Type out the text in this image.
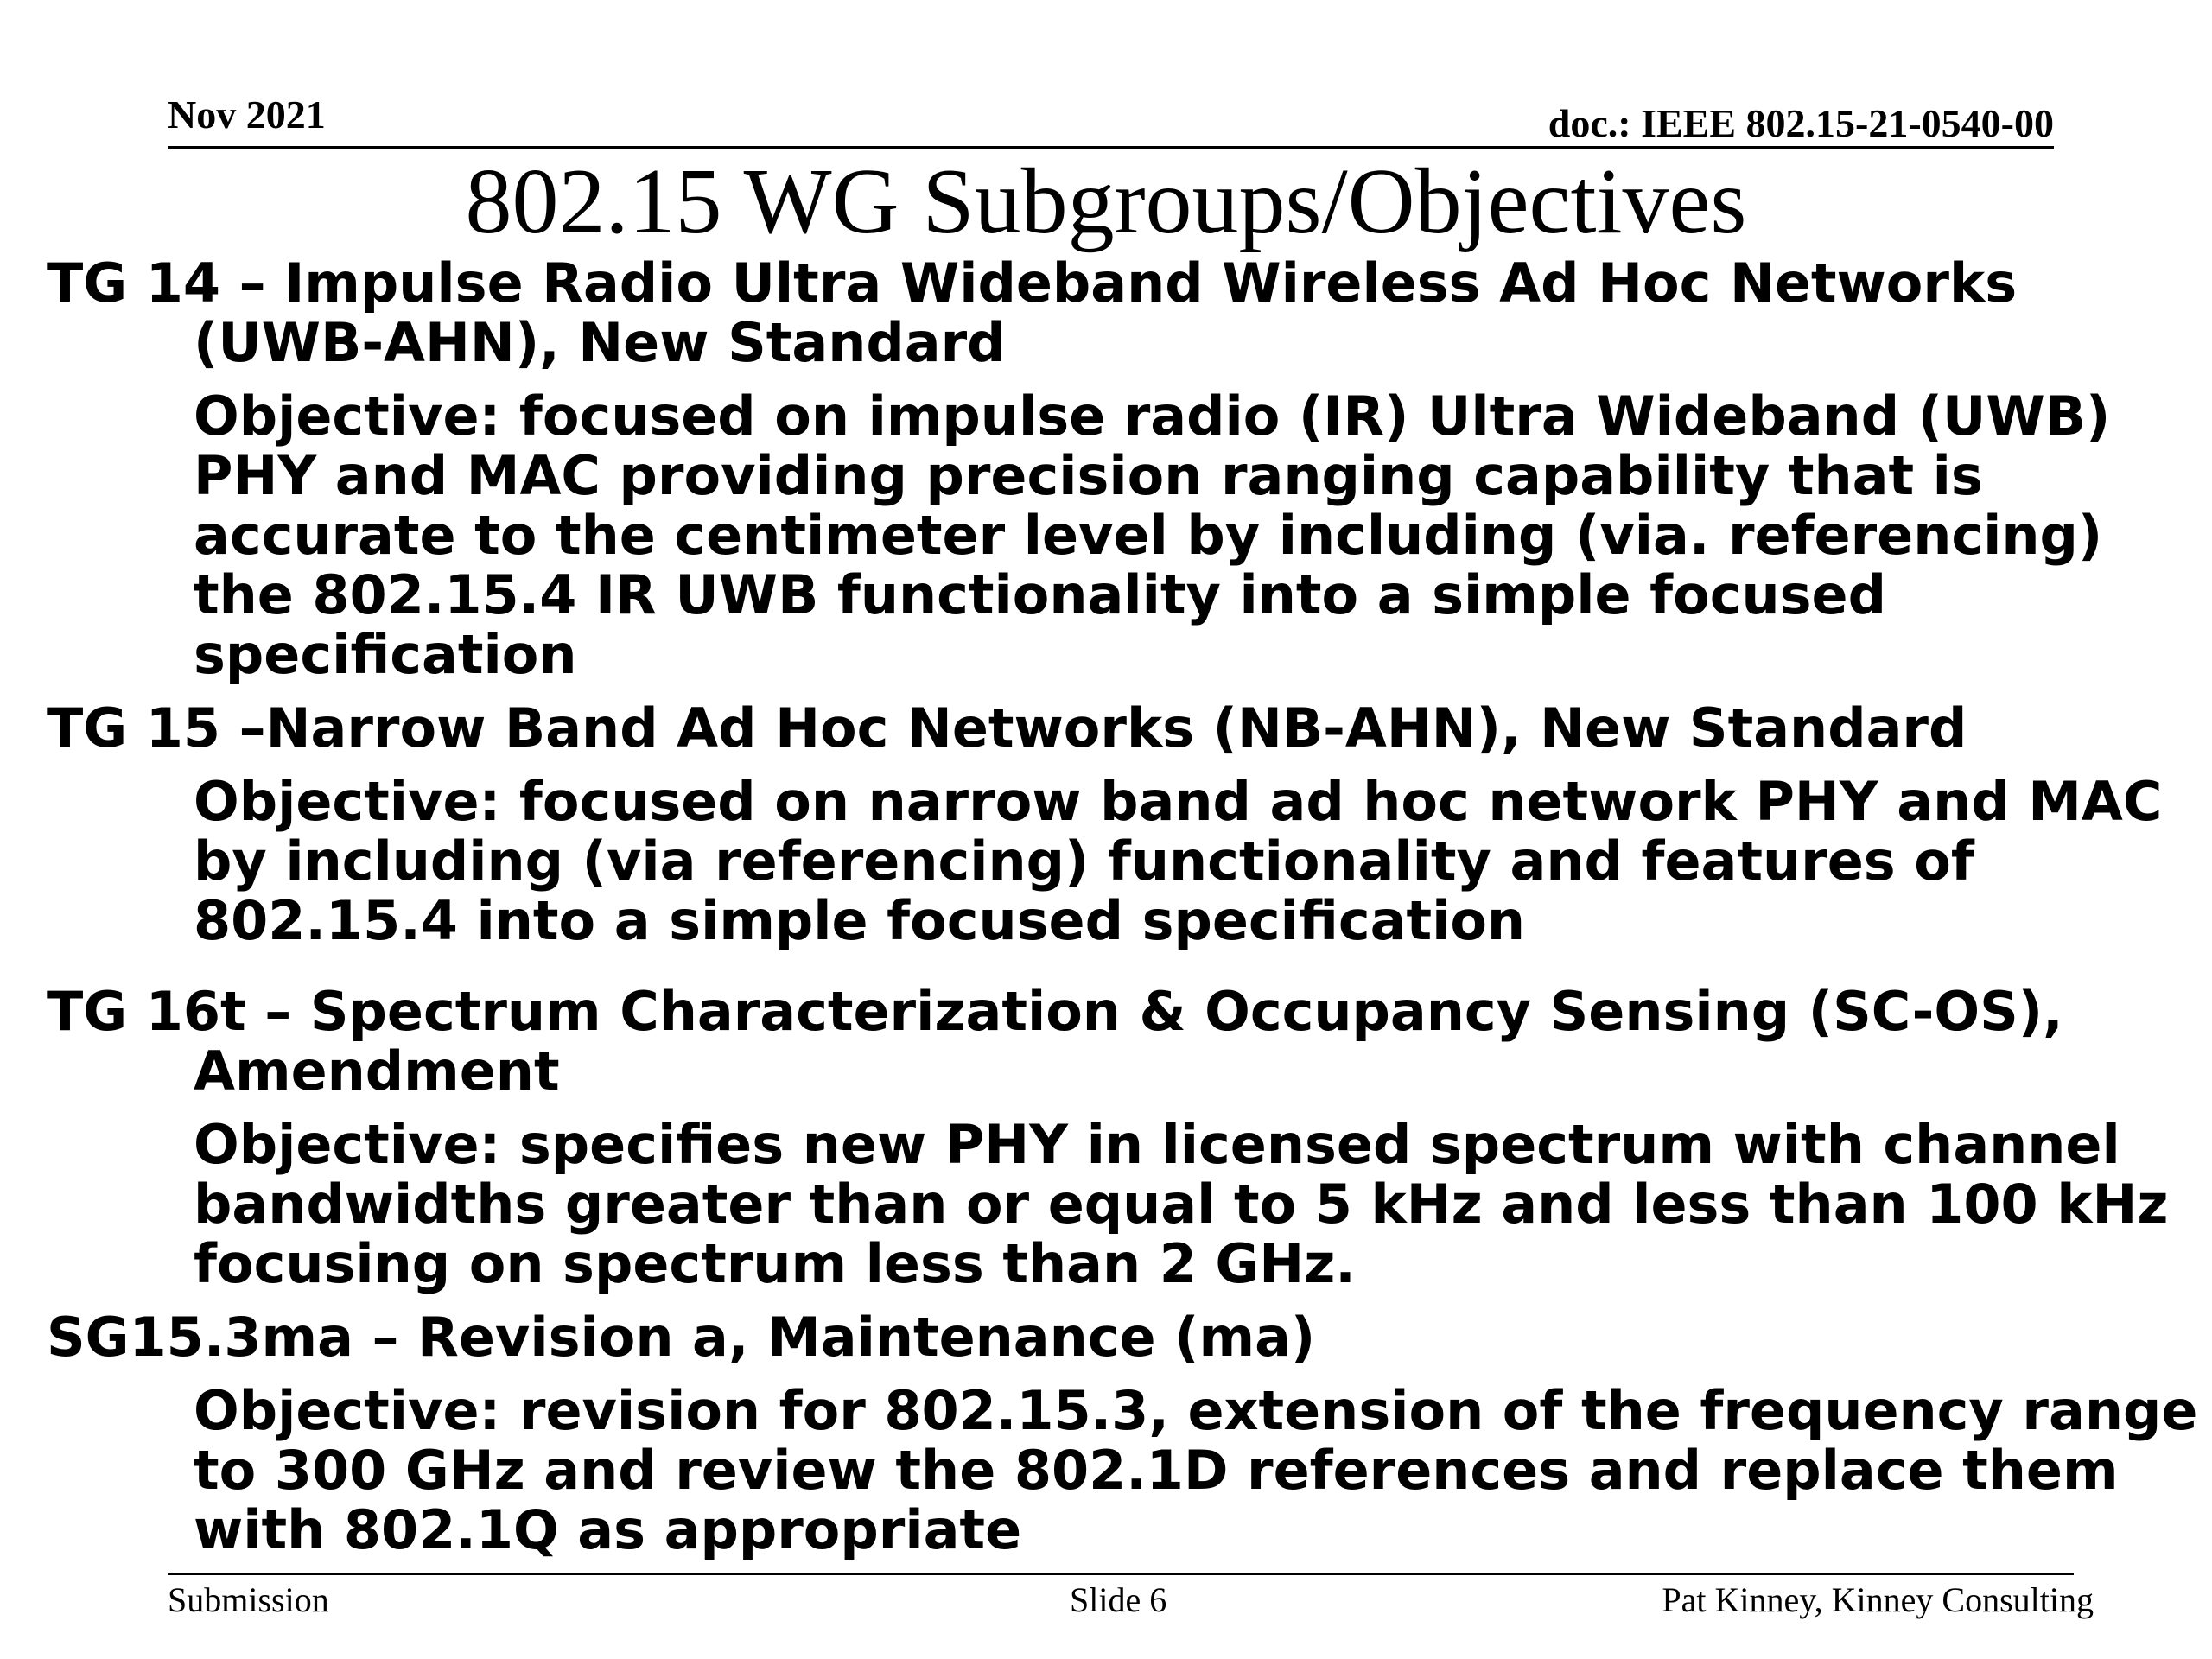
Nov 2021	doc.: IEEE 802.15-21-0540-00
802.15 WG Subgroups/Objectives

TG 14 – Impulse Radio Ultra Wideband Wireless Ad Hoc Networks (UWB-AHN), New Standard

Objective: focused on impulse radio (IR) Ultra Wideband (UWB) PHY and MAC providing precision ranging capability that is accurate to the centimeter level by including (via. referencing) the 802.15.4 IR UWB functionality into a simple focused specification

TG 15 –Narrow Band Ad Hoc Networks (NB-AHN), New Standard

Objective: focused on narrow band ad hoc network PHY and MAC by including (via referencing) functionality and features of 802.15.4 into a simple focused specification

TG 16t – Spectrum Characterization & Occupancy Sensing (SC-OS), Amendment

Objective: specifies new PHY in licensed spectrum with channel bandwidths greater than or equal to 5 kHz and less than 100 kHz focusing on spectrum less than 2 GHz.

SG15.3ma – Revision a, Maintenance (ma)

Objective: revision for 802.15.3, extension of the frequency range to 300 GHz and review the 802.1D references and replace them with 802.1Q as appropriate

Submission	Slide 6	Pat Kinney, Kinney Consulting
